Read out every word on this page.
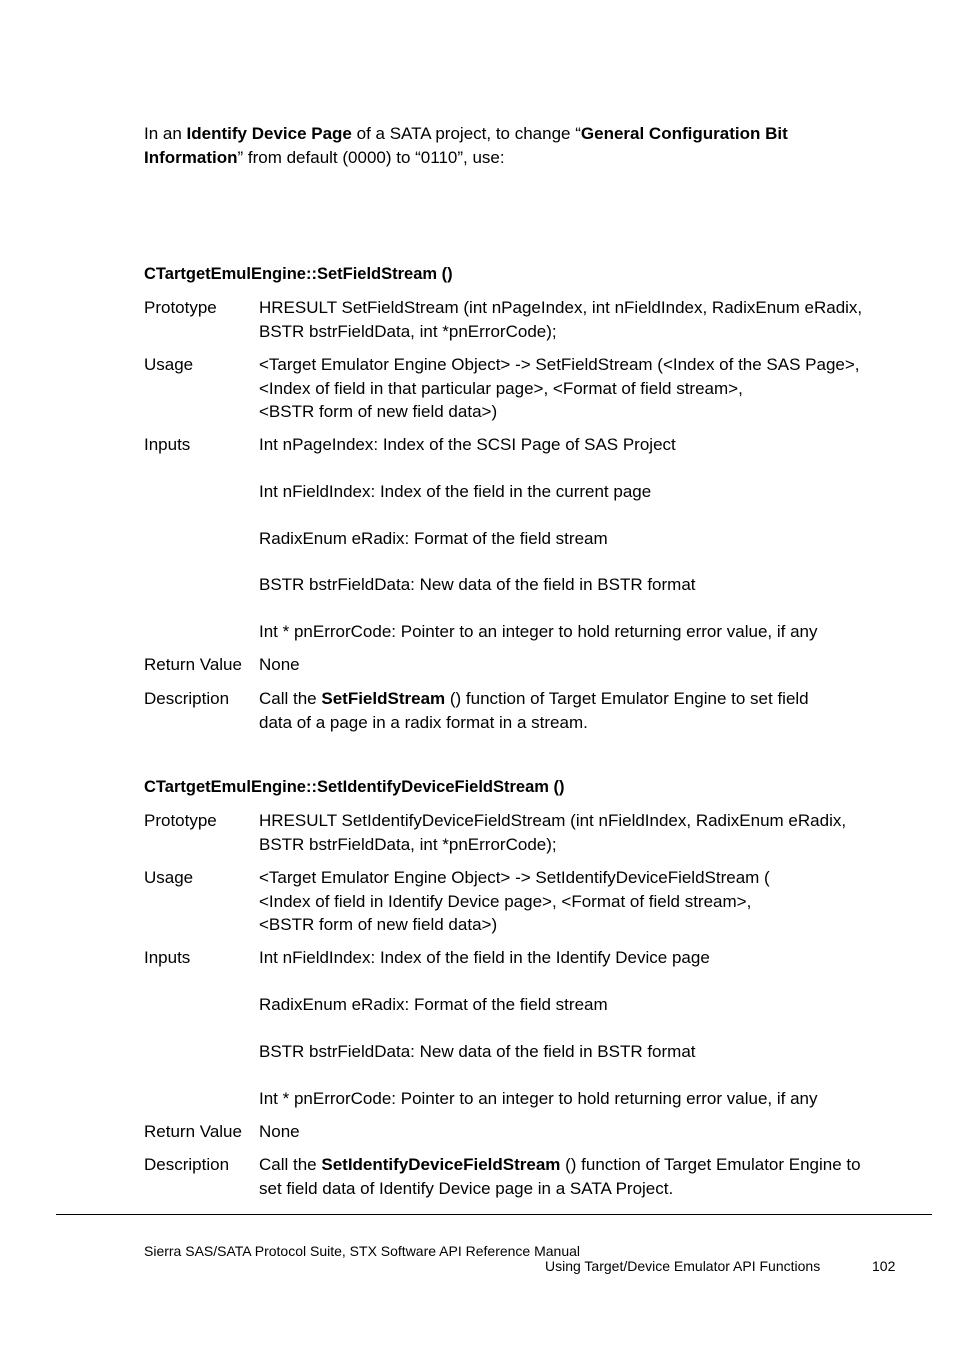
In an Identify Device Page of a SATA project, to change “General Configuration Bit
Information” from default (0000) to “0110”, use:
CTartgetEmulEngine::SetFieldStream ()
Prototype	HRESULT SetFieldStream (int nPageIndex, int nFieldIndex, RadixEnum eRadix,
BSTR bstrFieldData, int *pnErrorCode);
Usage	<Target Emulator Engine Object> -> SetFieldStream (<Index of the SAS Page>,
<Index of field in that particular page>, <Format of field stream>,
<BSTR form of new field data>)
Inputs	Int nPageIndex: Index of the SCSI Page of SAS Project
Int nFieldIndex: Index of the field in the current page
RadixEnum eRadix: Format of the field stream
BSTR bstrFieldData: New data of the field in BSTR format
Int * pnErrorCode: Pointer to an integer to hold returning error value, if any
Return Value	None
Description	Call the SetFieldStream () function of Target Emulator Engine to set field
data of a page in a radix format in a stream.
CTartgetEmulEngine::SetIdentifyDeviceFieldStream ()
Prototype	HRESULT SetIdentifyDeviceFieldStream (int nFieldIndex, RadixEnum eRadix,
BSTR bstrFieldData, int *pnErrorCode);
Usage	<Target Emulator Engine Object> -> SetIdentifyDeviceFieldStream (
<Index of field in Identify Device page>, <Format of field stream>,
<BSTR form of new field data>)
Inputs	Int nFieldIndex: Index of the field in the Identify Device page
RadixEnum eRadix: Format of the field stream
BSTR bstrFieldData: New data of the field in BSTR format
Int * pnErrorCode: Pointer to an integer to hold returning error value, if any
Return Value	None
Description	Call the SetIdentifyDeviceFieldStream () function of Target Emulator Engine to
set field data of Identify Device page in a SATA Project.
Sierra SAS/SATA Protocol Suite, STX Software API Reference Manual
Using Target/Device Emulator API Functions	102
